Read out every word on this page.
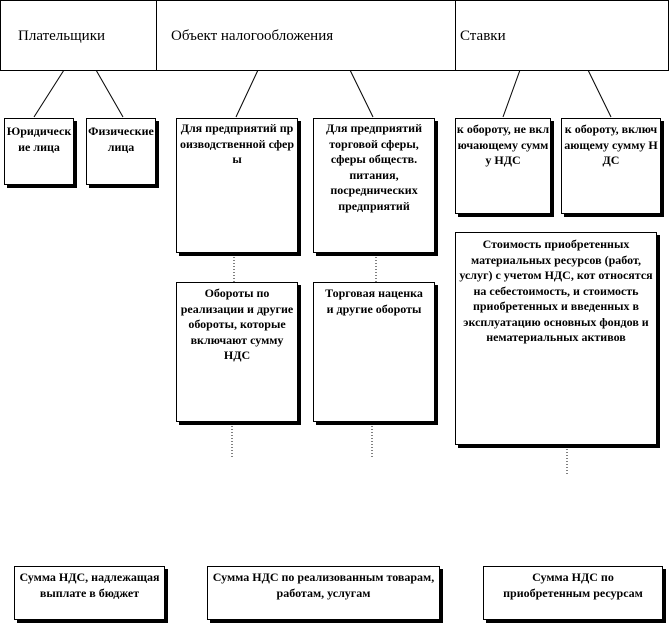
Плательщики	Объект налогообложения	Ставки
Юридические лица
Физические лица
Для предприятий производственной сферы
Для предприятий торговой сферы, сферы обществ. питания, посреднических предприятий
к обороту, не включающему сумму НДС
к обороту, включающему сумму НДС
Обороты по реализации и другие обороты, которые включают сумму НДС
Торговая наценка и другие обороты
Стоимость приобретенных материальных ресурсов (работ, услуг) с учетом НДС, кот относятся на себестоимость, и стоимость приобретенных и введенных в эксплуатацию основных фондов и нематериальных активов
Сумма НДС, надлежащая выплате в бюджет
Сумма НДС по реализованным товарам, работам, услугам
Сумма НДС по приобретенным ресурсам
